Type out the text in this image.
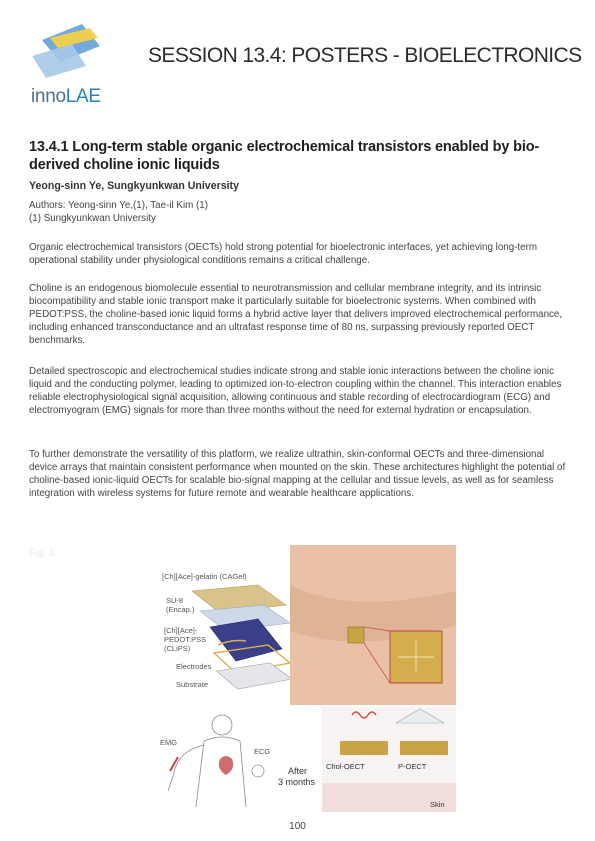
innoLAE
SESSION 13.4: POSTERS - BIOELECTRONICS
13.4.1 Long-term stable organic electrochemical transistors enabled by bio-derived choline ionic liquids
Yeong-sinn Ye, Sungkyunkwan University
Authors: Yeong-sinn Ye,(1), Tae-il Kim (1)
(1) Sungkyunkwan University

Organic electrochemical transistors (OECTs) hold strong potential for bioelectronic interfaces, yet achieving long-term operational stability under physiological conditions remains a critical challenge.

Choline is an endogenous biomolecule essential to neurotransmission and cellular membrane integrity, and its intrinsic biocompatibility and stable ionic transport make it particularly suitable for bioelectronic systems. When combined with PEDOT:PSS, the choline-based ionic liquid forms a hybrid active layer that delivers improved electrochemical performance, including enhanced transconductance and an ultrafast response time of 80 ns, surpassing previously reported OECT benchmarks.

Detailed spectroscopic and electrochemical studies indicate strong and stable ionic interactions between the choline ionic liquid and the conducting polymer, leading to optimized ion-to-electron coupling within the channel. This interaction enables reliable electrophysiological signal acquisition, allowing continuous and stable recording of electrocardiogram (ECG) and electromyogram (EMG) signals for more than three months without the need for external hydration or encapsulation.

To further demonstrate the versatility of this platform, we realize ultrathin, skin-conformal OECTs and three-dimensional device arrays that maintain consistent performance when mounted on the skin. These architectures highlight the potential of choline-based ionic-liquid OECTs for scalable bio-signal mapping at the cellular and tissue levels, as well as for seamless integration with wireless systems for future remote and wearable healthcare applications.

Fig. 1
[Ch][Ace]-gelatin (CAGel)
SU-8
(Encap.)
[Ch][Ace]-
PEDOT:PSS
(CLiPS)
Electrodes
Substrate
EMG
ECG
After
3 months
Chol-OECT	P-OECT
Skin
100
